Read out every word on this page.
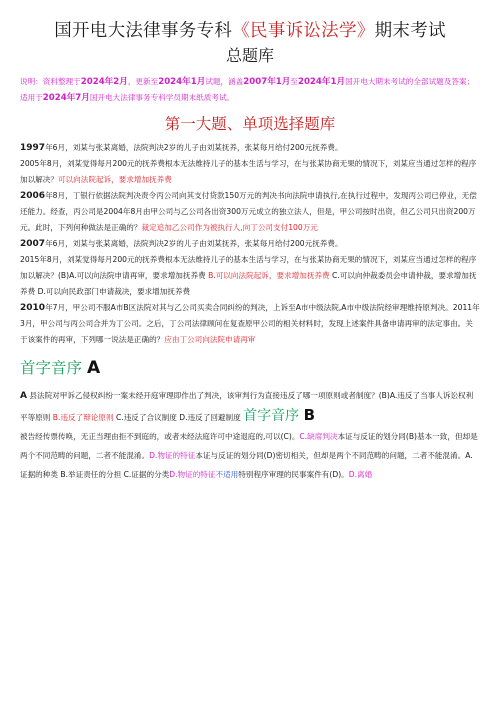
国开电大法律事务专科《民事诉讼法学》期末考试
总题库

说明：资料整理于2024年2月，更新至2024年1月试题，涵盖2007年1月至2024年1月国开电大期末考试的全部试题及答案；适用于2024年7月国开电大法律事务专科学员期末纸质考试。

第一大题、单项选择题库

1997年6月，刘某与张某离婚，法院判决2岁的儿子由刘某抚养，张某每月给付200元抚养费。
2005年8月，刘某觉得每月200元的抚养费根本无法维持儿子的基本生活与学习，在与张某协商无果的情况下，刘某应当通过怎样的程序加以解决？可以向法院起诉，要求增加抚养费

2006年8月，丁银行依据法院判决责令丙公司向其支付贷款150万元的判决书向法院申请执行,在执行过程中，发现丙公司已停业，无偿还能力。经查，丙公司是2004年8月由甲公司与乙公司各出资300万元成立的独立法人，但是，甲公司按时出资，但乙公司只出资200万元。此时，下列何种做法是正确的？裁定追加乙公司作为被执行人,向丁公司支付100万元

2007年6月，刘某与张某离婚，法院判决2岁的儿子由刘某抚养，张某每月给付200元抚养费。
2015年8月，刘某觉得每月200元的抚养费根本无法维持儿子的基本生活与学习，在与张某协商无果的情况下，刘某应当通过怎样的程序加以解决？(B)A.可以向法院申请再审，要求增加抚养费 B.可以向法院起诉，要求增加抚养费 C.可以向仲裁委员会申请仲裁，要求增加抚养费 D.可以向民政部门申请裁决，要求增加抚养费

2010年7月，甲公司不服A市B区法院对其与乙公司买卖合同纠纷的判决，上诉至A市中级法院,A市中级法院经审理维持原判决。2011年3月，甲公司与丙公司合并为丁公司。之后，丁公司法律顾问在复查原甲公司的相关材料时，发现上述案件具备申请再审的法定事由。关于该案件的再审，下列哪一说法是正确的？应由丁公司向法院申请再审

首字音序 A

A 县法院对甲诉乙侵权纠纷一案未经开庭审理即作出了判决，该审判行为直接违反了哪一项原则或者制度？(B)A.违反了当事人诉讼权利平等原则 B.违反了辩论原则 C.违反了合议制度 D.违反了回避制度 首字音序 B
被告经传票传唤，无正当理由拒不到庭的，或者未经法庭许可中途退庭的,可以(C)。C.缺席判决本证与反证的划分同(B)基本一致，但却是两个不同范畴的问题，二者不能混淆。D.物证的特征本证与反证的划分同(D)密切相关，但却是两个不同范畴的问题，二者不能混淆。A.证据的种类 B.举证责任的分担 C.证据的分类D.物证的特征不适用特别程序审理的民事案件有(D)。D.离婚
